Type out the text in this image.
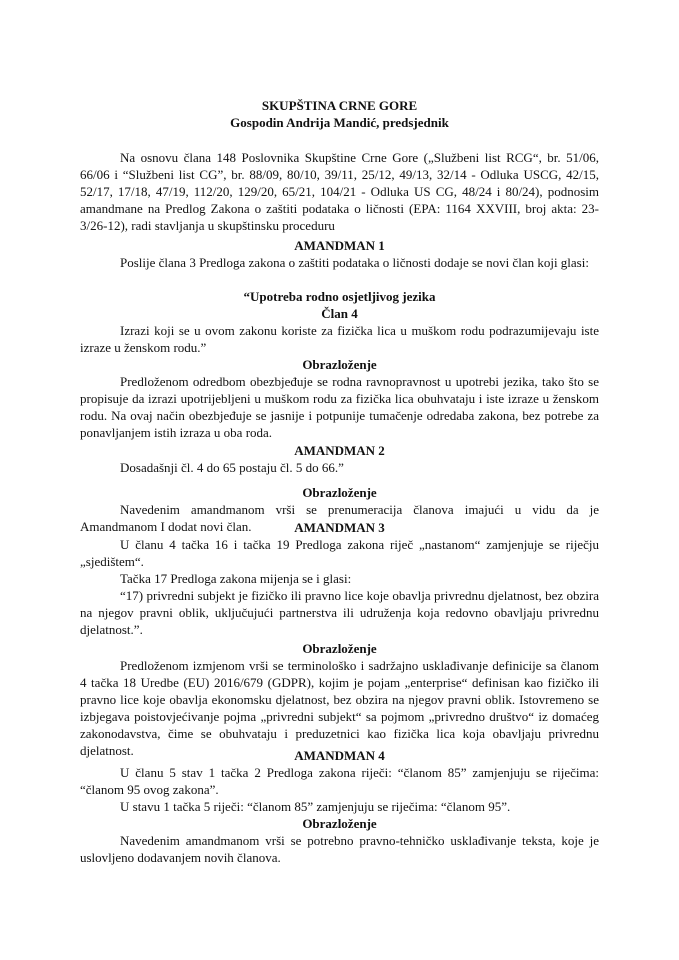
SKUPŠTINA CRNE GORE
Gospodin Andrija Mandić, predsjednik

Na osnovu člana 148 Poslovnika Skupštine Crne Gore („Službeni list RCG“, br. 51/06, 66/06 i “Službeni list CG”, br. 88/09, 80/10, 39/11, 25/12, 49/13, 32/14 - Odluka USCG, 42/15, 52/17, 17/18, 47/19, 112/20, 129/20, 65/21, 104/21 - Odluka US CG, 48/24 i 80/24), podnosim amandmane na Predlog Zakona o zaštiti podataka o ličnosti (EPA: 1164 XXVIII, broj akta: 23-3/26-12), radi stavljanja u skupštinsku proceduru

AMANDMAN 1

Poslije člana 3 Predloga zakona o zaštiti podataka o ličnosti dodaje se novi član koji glasi:

“Upotreba rodno osjetljivog jezika
Član 4

Izrazi koji se u ovom zakonu koriste za fizička lica u muškom rodu podrazumijevaju iste izraze u ženskom rodu.”

Obrazloženje

Predloženom odredbom obezbjeđuje se rodna ravnopravnost u upotrebi jezika, tako što se propisuje da izrazi upotrijebljeni u muškom rodu za fizička lica obuhvataju i iste izraze u ženskom rodu. Na ovaj način obezbjeđuje se jasnije i potpunije tumačenje odredaba zakona, bez potrebe za ponavljanjem istih izraza u oba roda.

AMANDMAN 2

Dosadašnji čl. 4 do 65 postaju čl. 5 do 66.”

Obrazloženje

Navedenim amandmanom vrši se prenumeracija članova imajući u vidu da je Amandmanom I dodat novi član.	AMANDMAN 3

U članu 4 tačka 16 i tačka 19 Predloga zakona riječ „nastanom“ zamjenjuje se riječju „sjedištem“.

Tačka 17 Predloga zakona mijenja se i glasi:

“17) privredni subjekt je fizičko ili pravno lice koje obavlja privrednu djelatnost, bez obzira na njegov pravni oblik, uključujući partnerstva ili udruženja koja redovno obavljaju privrednu djelatnost.”.

Obrazloženje

Predloženom izmjenom vrši se terminološko i sadržajno usklađivanje definicije sa članom 4 tačka 18 Uredbe (EU) 2016/679 (GDPR), kojim je pojam „enterprise“ definisan kao fizičko ili pravno lice koje obavlja ekonomsku djelatnost, bez obzira na njegov pravni oblik. Istovremeno se izbjegava poistovjećivanje pojma „privredni subjekt“ sa pojmom „privredno društvo“ iz domaćeg zakonodavstva, čime se obuhvataju i preduzetnici kao fizička lica koja obavljaju privrednu djelatnost.	AMANDMAN 4

U članu 5 stav 1 tačka 2 Predloga zakona riječi: “članom 85” zamjenjuju se riječima: “članom 95 ovog zakona”.

U stavu 1 tačka 5 riječi: “članom 85” zamjenjuju se riječima: “članom 95”.

Obrazloženje

Navedenim amandmanom vrši se potrebno pravno-tehničko usklađivanje teksta, koje je uslovljeno dodavanjem novih članova.
